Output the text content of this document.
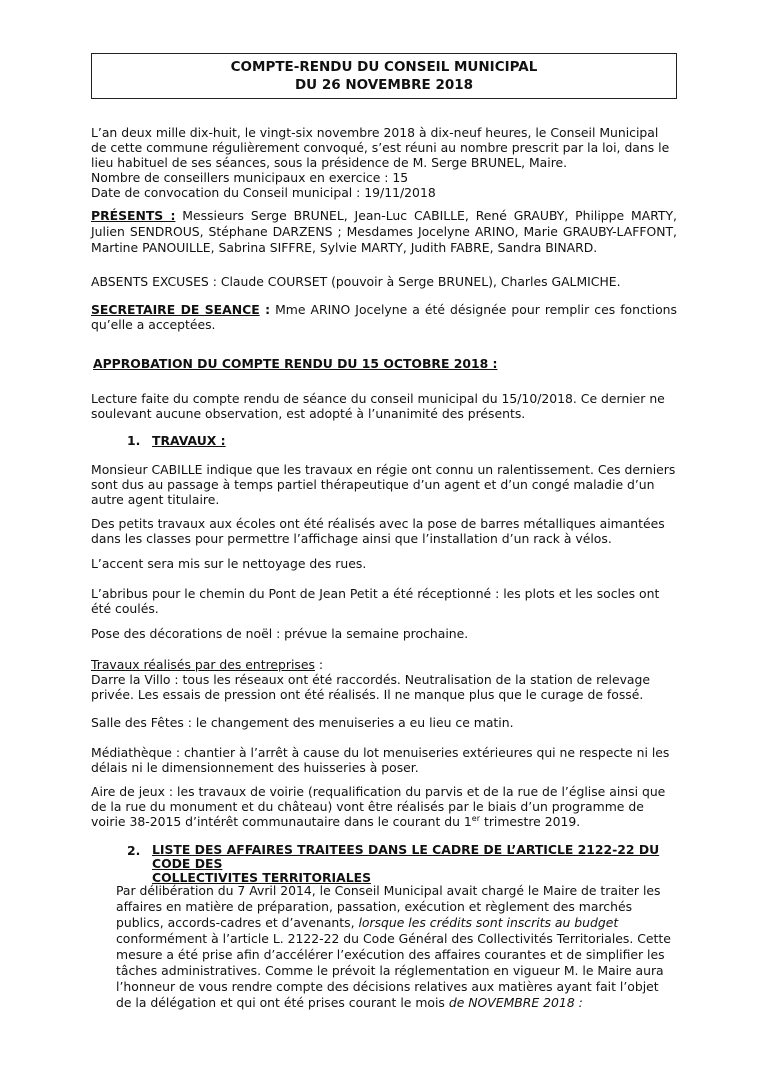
COMPTE-RENDU DU CONSEIL MUNICIPAL
DU 26 NOVEMBRE 2018

L’an deux mille dix-huit, le vingt-six novembre 2018 à dix-neuf heures, le Conseil Municipal de cette commune régulièrement convoqué, s’est réuni au nombre prescrit par la loi, dans le lieu habituel de ses séances, sous la présidence de M. Serge BRUNEL, Maire.

Nombre de conseillers municipaux en exercice : 15

Date de convocation du Conseil municipal : 19/11/2018

PRÉSENTS : Messieurs Serge BRUNEL, Jean-Luc CABILLE, René GRAUBY, Philippe MARTY, Julien SENDROUS, Stéphane DARZENS ; Mesdames Jocelyne ARINO, Marie GRAUBY-LAFFONT, Martine PANOUILLE, Sabrina SIFFRE, Sylvie MARTY, Judith FABRE, Sandra BINARD.
ABSENTS EXCUSES : Claude COURSET (pouvoir à Serge BRUNEL), Charles GALMICHE.
SECRETAIRE DE SEANCE : Mme ARINO Jocelyne a été désignée pour remplir ces fonctions qu’elle a acceptées.
APPROBATION DU COMPTE RENDU DU 15 OCTOBRE 2018 :
Lecture faite du compte rendu de séance du conseil municipal du 15/10/2018. Ce dernier ne soulevant aucune observation, est adopté à l’unanimité des présents.
1. TRAVAUX :
Monsieur CABILLE indique que les travaux en régie ont connu un ralentissement. Ces derniers sont dus au passage à temps partiel thérapeutique d’un agent et d’un congé maladie d’un autre agent titulaire.
Des petits travaux aux écoles ont été réalisés avec la pose de barres métalliques aimantées dans les classes pour permettre l’affichage ainsi que l’installation d’un rack à vélos.
L’accent sera mis sur le nettoyage des rues.
L’abribus pour le chemin du Pont de Jean Petit a été réceptionné : les plots et les socles ont été coulés.
Pose des décorations de noël : prévue la semaine prochaine.

Travaux réalisés par des entreprises :

Darre la Villo : tous les réseaux ont été raccordés. Neutralisation de la station de relevage privée. Les essais de pression ont été réalisés. Il ne manque plus que le curage de fossé.

Salle des Fêtes : le changement des menuiseries a eu lieu ce matin.
Médiathèque : chantier à l’arrêt à cause du lot menuiseries extérieures qui ne respecte ni les délais ni le dimensionnement des huisseries à poser.
Aire de jeux : les travaux de voirie (requalification du parvis et de la rue de l’église ainsi que de la rue du monument et du château) vont être réalisés par le biais d’un programme de voirie 38-2015 d’intérêt communautaire dans le courant du 1er trimestre 2019.
2. LISTE DES AFFAIRES TRAITEES DANS LE CADRE DE L’ARTICLE 2122-22 DU CODE DES
COLLECTIVITES TERRITORIALES
Par délibération du 7 Avril 2014, le Conseil Municipal avait chargé le Maire de traiter les affaires en matière de préparation, passation, exécution et règlement des marchés publics, accords-cadres et d’avenants, lorsque les crédits sont inscrits au budget conformément à l’article L. 2122-22 du Code Général des Collectivités Territoriales. Cette mesure a été prise afin d’accélérer l’exécution des affaires courantes et de simplifier les tâches administratives. Comme le prévoit la réglementation en vigueur M. le Maire aura l’honneur de vous rendre compte des décisions relatives aux matières ayant fait l’objet de la délégation et qui ont été prises courant le mois de NOVEMBRE 2018 :
